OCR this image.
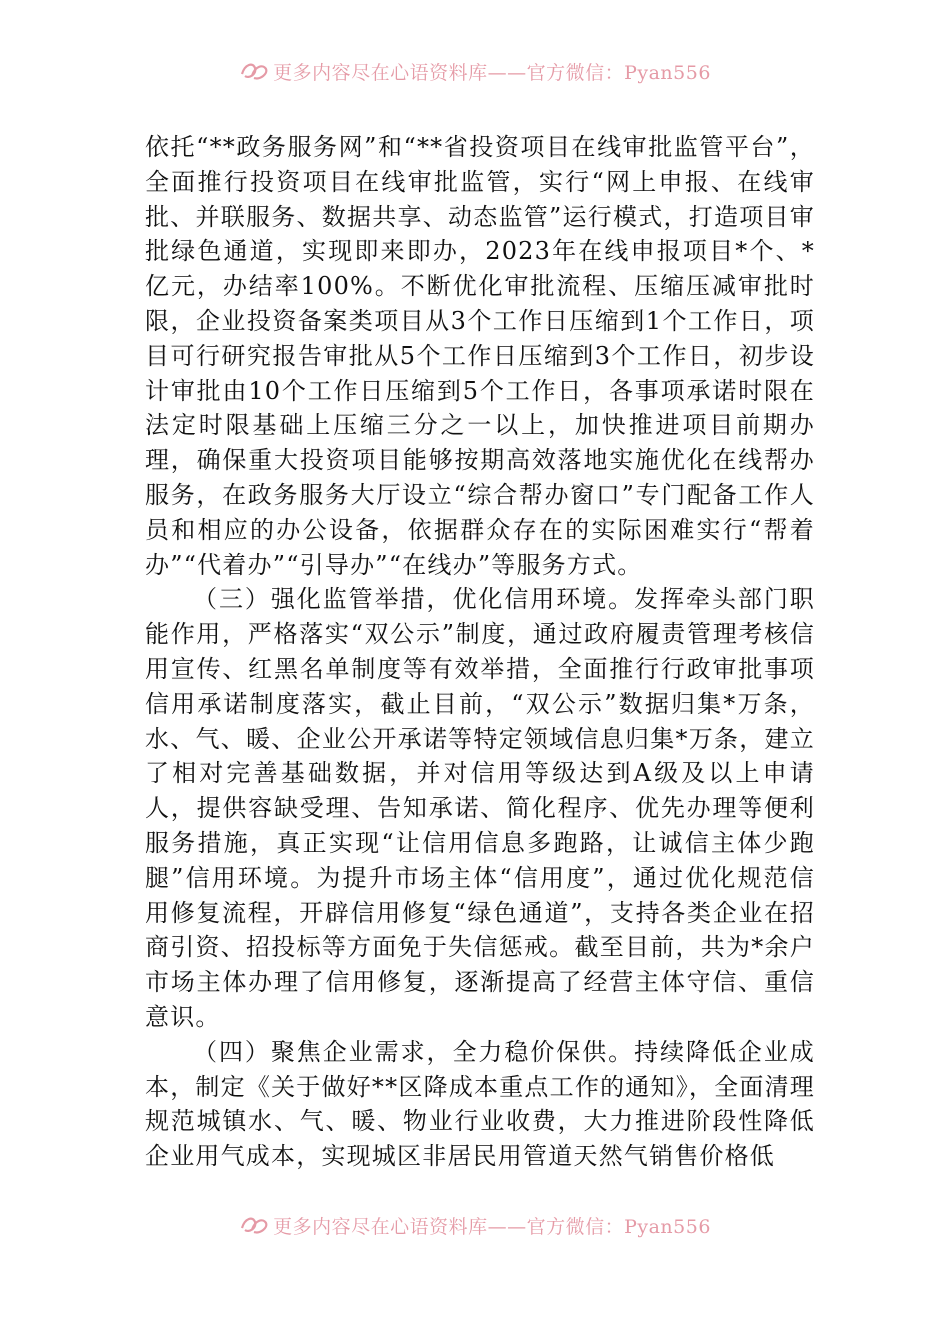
更多内容尽在心语资料库——官方微信：Pyan556

依托“**政务服务网”和“**省投资项目在线审批监管平台”，全面推行投资项目在线审批监管，实行“网上申报、在线审批、并联服务、数据共享、动态监管”运行模式，打造项目审批绿色通道，实现即来即办，2023年在线申报项目*个、*亿元，办结率100%。不断优化审批流程、压缩压减审批时限，企业投资备案类项目从3个工作日压缩到1个工作日，项目可行研究报告审批从5个工作日压缩到3个工作日，初步设计审批由10个工作日压缩到5个工作日，各事项承诺时限在法定时限基础上压缩三分之一以上，加快推进项目前期办理，确保重大投资项目能够按期高效落地实施优化在线帮办服务，在政务服务大厅设立“综合帮办窗口”专门配备工作人员和相应的办公设备，依据群众存在的实际困难实行“帮着办”“代着办”“引导办”“在线办”等服务方式。

（三）强化监管举措，优化信用环境。发挥牵头部门职能作用，严格落实“双公示”制度，通过政府履责管理考核信用宣传、红黑名单制度等有效举措，全面推行行政审批事项信用承诺制度落实，截止目前，“双公示”数据归集*万条，水、气、暖、企业公开承诺等特定领域信息归集*万条，建立了相对完善基础数据，并对信用等级达到A级及以上申请人，提供容缺受理、告知承诺、简化程序、优先办理等便利服务措施，真正实现“让信用信息多跑路，让诚信主体少跑腿”信用环境。为提升市场主体“信用度”，通过优化规范信用修复流程，开辟信用修复“绿色通道”，支持各类企业在招商引资、招投标等方面免于失信惩戒。截至目前，共为*余户市场主体办理了信用修复，逐渐提高了经营主体守信、重信意识。

（四）聚焦企业需求，全力稳价保供。持续降低企业成本，制定《关于做好**区降成本重点工作的通知》，全面清理规范城镇水、气、暖、物业行业收费，大力推进阶段性降低企业用气成本，实现城区非居民用管道天然气销售价格低

更多内容尽在心语资料库——官方微信：Pyan556
